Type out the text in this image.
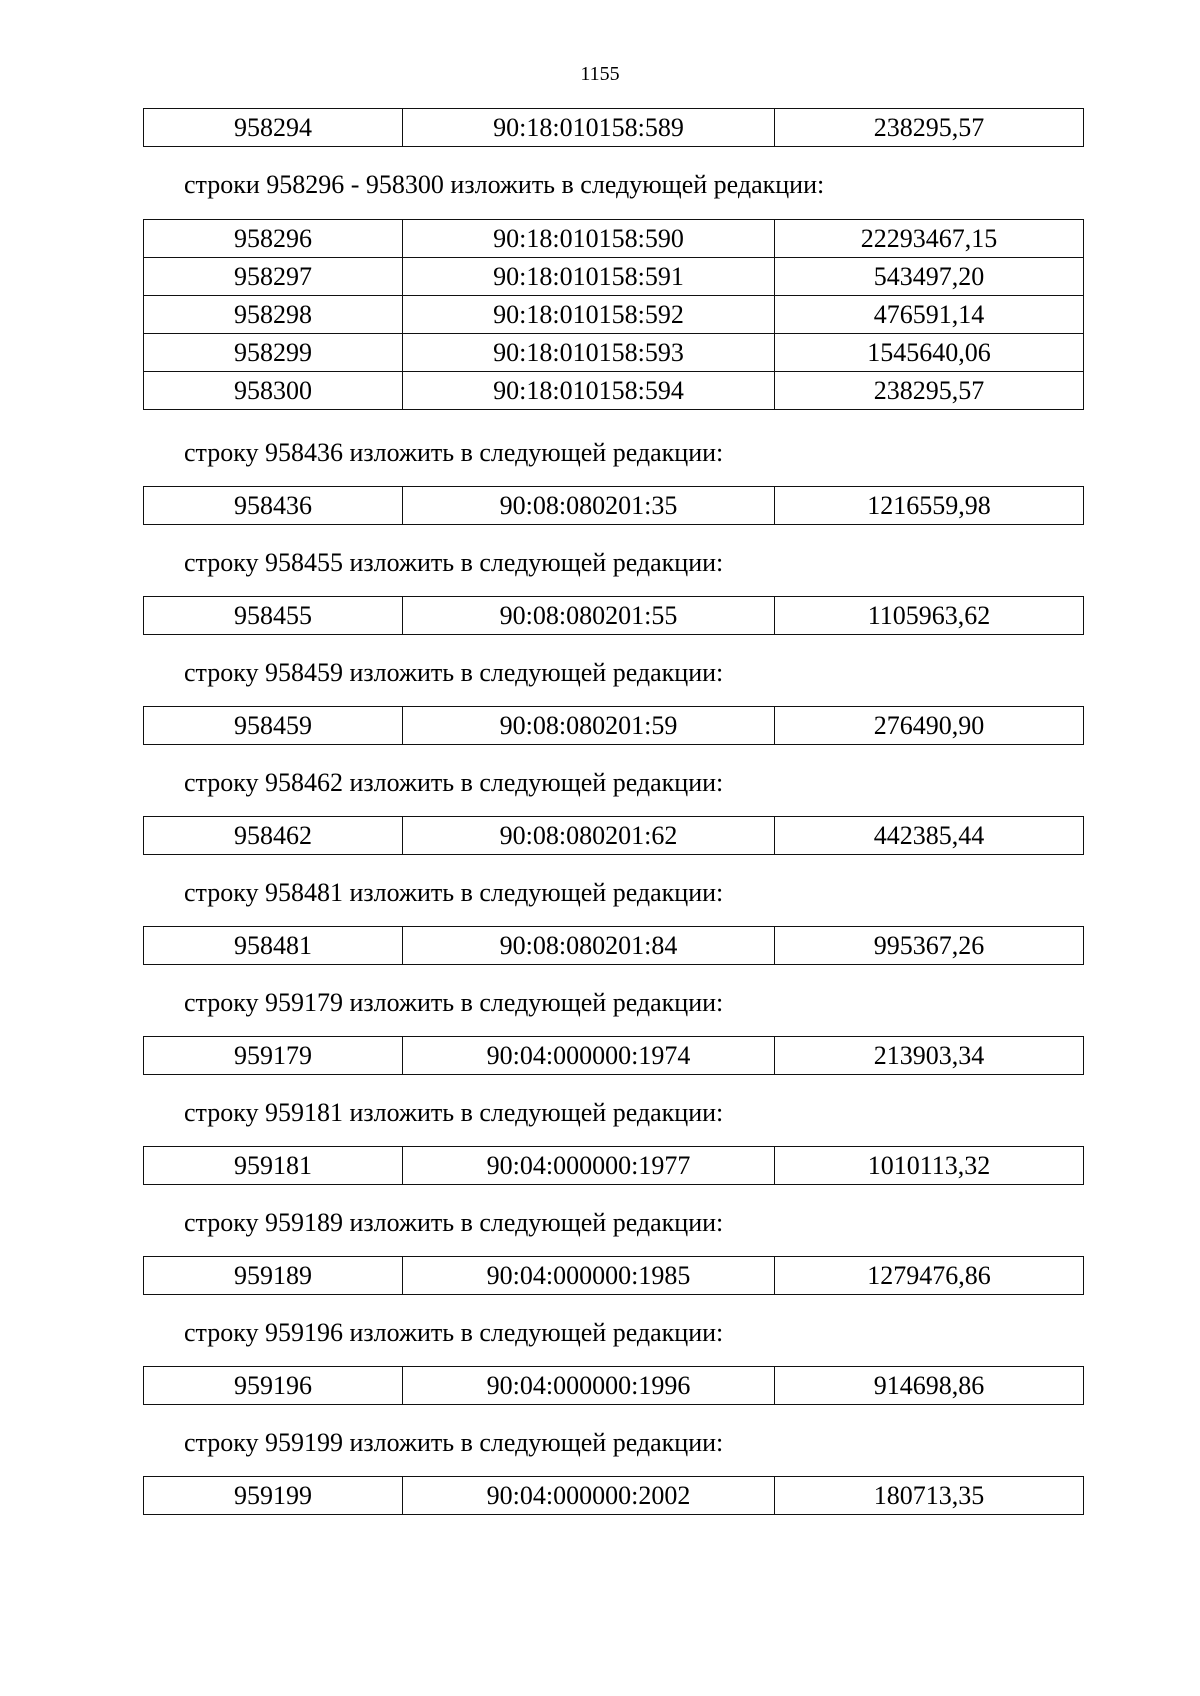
1155
958294	90:18:010158:589	238295,57
строки 958296 - 958300 изложить в следующей редакции:
958296	90:18:010158:590	22293467,15
958297	90:18:010158:591	543497,20
958298	90:18:010158:592	476591,14
958299	90:18:010158:593	1545640,06
958300	90:18:010158:594	238295,57
строку 958436 изложить в следующей редакции:
958436	90:08:080201:35	1216559,98
строку 958455 изложить в следующей редакции:
958455	90:08:080201:55	1105963,62
строку 958459 изложить в следующей редакции:
958459	90:08:080201:59	276490,90
строку 958462 изложить в следующей редакции:
958462	90:08:080201:62	442385,44
строку 958481 изложить в следующей редакции:
958481	90:08:080201:84	995367,26
строку 959179 изложить в следующей редакции:
959179	90:04:000000:1974	213903,34
строку 959181 изложить в следующей редакции:
959181	90:04:000000:1977	1010113,32
строку 959189 изложить в следующей редакции:
959189	90:04:000000:1985	1279476,86
строку 959196 изложить в следующей редакции:
959196	90:04:000000:1996	914698,86
строку 959199 изложить в следующей редакции:
959199	90:04:000000:2002	180713,35
